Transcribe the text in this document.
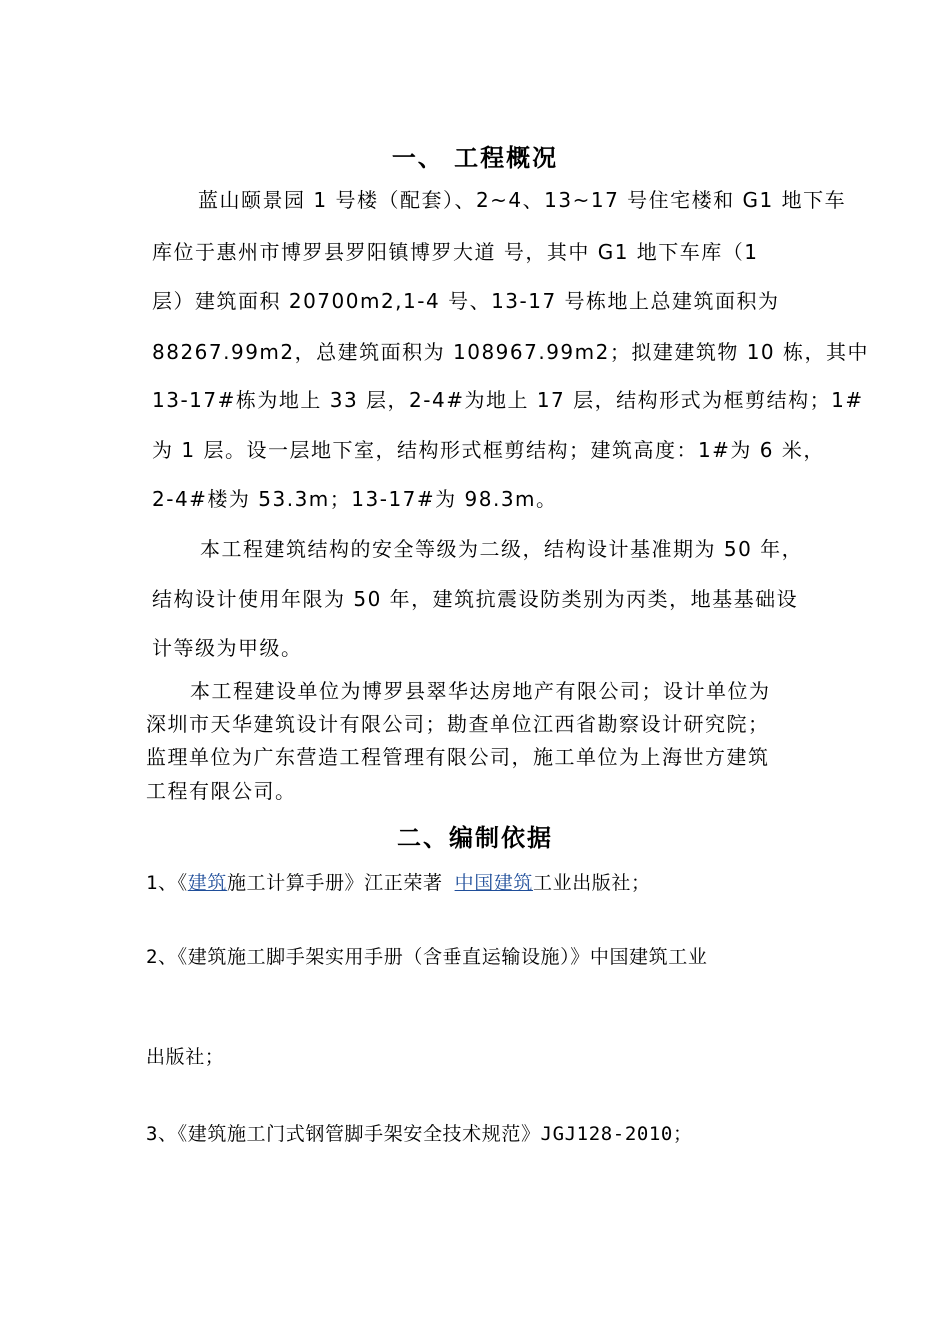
一、 工程概况

蓝山颐景园 1 号楼（配套）、2~4、13~17 号住宅楼和 G1 地下车

库位于惠州市博罗县罗阳镇博罗大道 号，其中 G1 地下车库（1

层）建筑面积 20700m2,1-4 号、13-17 号栋地上总建筑面积为

88267.99m2，总建筑面积为 108967.99m2；拟建建筑物 10 栋，其中

13-17#栋为地上 33 层，2-4#为地上 17 层，结构形式为框剪结构；1#

为 1 层。设一层地下室，结构形式框剪结构；建筑高度：1#为 6 米，

2-4#楼为 53.3m；13-17#为 98.3m。

本工程建筑结构的安全等级为二级，结构设计基准期为 50 年，

结构设计使用年限为 50 年，建筑抗震设防类别为丙类，地基基础设

计等级为甲级。

本工程建设单位为博罗县翠华达房地产有限公司；设计单位为

深圳市天华建筑设计有限公司；勘查单位江西省勘察设计研究院；

监理单位为广东营造工程管理有限公司，施工单位为上海世方建筑

工程有限公司。

二、编制依据

1、《建筑施工计算手册》江正荣著 中国建筑工业出版社；

2、《建筑施工脚手架实用手册（含垂直运输设施）》中国建筑工业

出版社；

3、《建筑施工门式钢管脚手架安全技术规范》JGJ128-2010；
